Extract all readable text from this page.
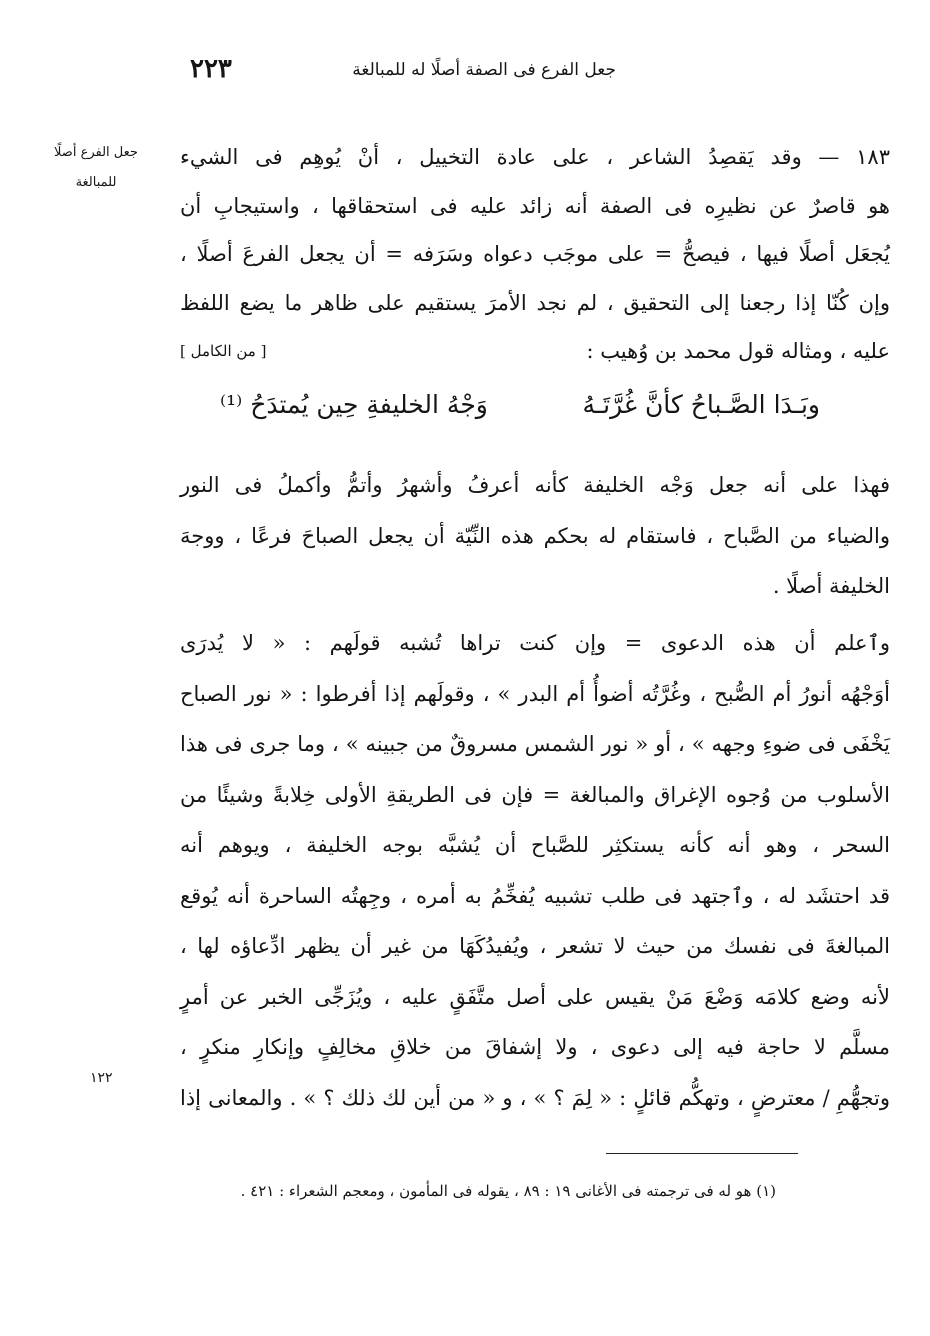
٢٢٣	جعل الفرع فى الصفة أصلًا له للمبالغة
جعل الفرع أصلًا
للمبالغة
١٢٢
١٨٣ — وقد يَقصِدُ الشاعر ، على عادة التخييل ، أنْ يُوهِم فى الشيء
هو قاصرٌ عن نظيرِه فى الصفة أنه زائد عليه فى استحقاقها ، واستيجابِ أن
يُجعَل أصلًا فيها ، فيصحُّ = على موجَب دعواه وسَرَفه = أن يجعل الفرعَ أصلًا ،
وإن كُنّا إذا رجعنا إلى التحقيق ، لم نجد الأمرَ يستقيم على ظاهر ما يضع اللفظ
عليه ، ومثاله قول محمد بن وُهيب :
[ من الكامل ]
وبَـدَا الصَّـباحُ كأنَّ غُرَّتَـهُ
وَجْهُ الخليفةِ حِين يُمتدَحُ ⁽¹⁾
فهذا على أنه جعل وَجْه الخليفة كأنه أعرفُ وأشهرُ وأتمُّ وأكملُ فى النور
والضياء من الصَّباح ، فاستقام له بحكم هذه النِّيّة أن يجعل الصباحَ فرعًا ، ووجهَ
الخليفة أصلًا .
وٱعلم أن هذه الدعوى = وإن كنت تراها تُشبه قولَهم : « لا يُدرَى
أوَجْهُه أنورُ أم الصُّبح ، وغُرَّتُه أضوأُ أم البدر » ، وقولَهم إذا أفرطوا : « نور الصباح
يَخْفَى فى ضوءِ وجهه » ، أو « نور الشمس مسروقٌ من جبينه » ، وما جرى فى هذا
الأسلوب من وُجوه الإغراق والمبالغة = فإن فى الطريقةِ الأولى خِلابةً وشيئًا من
السحر ، وهو أنه كأنه يستكثِر للصَّباح أن يُشبَّه بوجه الخليفة ، ويوهم أنه
قد احتشَد له ، وٱجتهد فى طلب تشبيه يُفخِّمُ به أمره ، وجِهتُه الساحرة أنه يُوقع
المبالغةَ فى نفسك من حيث لا تشعر ، ويُفيدُكَهَا من غير أن يظهر ادِّعاؤه لها ،
لأنه وضع كلامَه وَضْعَ مَنْ يقيس على أصل متَّفَقٍ عليه ، ويُزَجِّى الخبر عن أمرٍ
مسلَّم لا حاجة فيه إلى دعوى ، ولا إشفاقَ من خلاقِ مخالِفٍ وإنكارِ منكرٍ ،
وتجهُّمِ / معترضٍ ، وتهكُّم قائلٍ : « لِمَ ؟ » ، و « من أين لك ذلك ؟ » . والمعانى إذا
(١) هو له فى ترجمته فى الأغانى ١٩ : ٨٩ ، يقوله فى المأمون ، ومعجم الشعراء : ٤٢١ .
